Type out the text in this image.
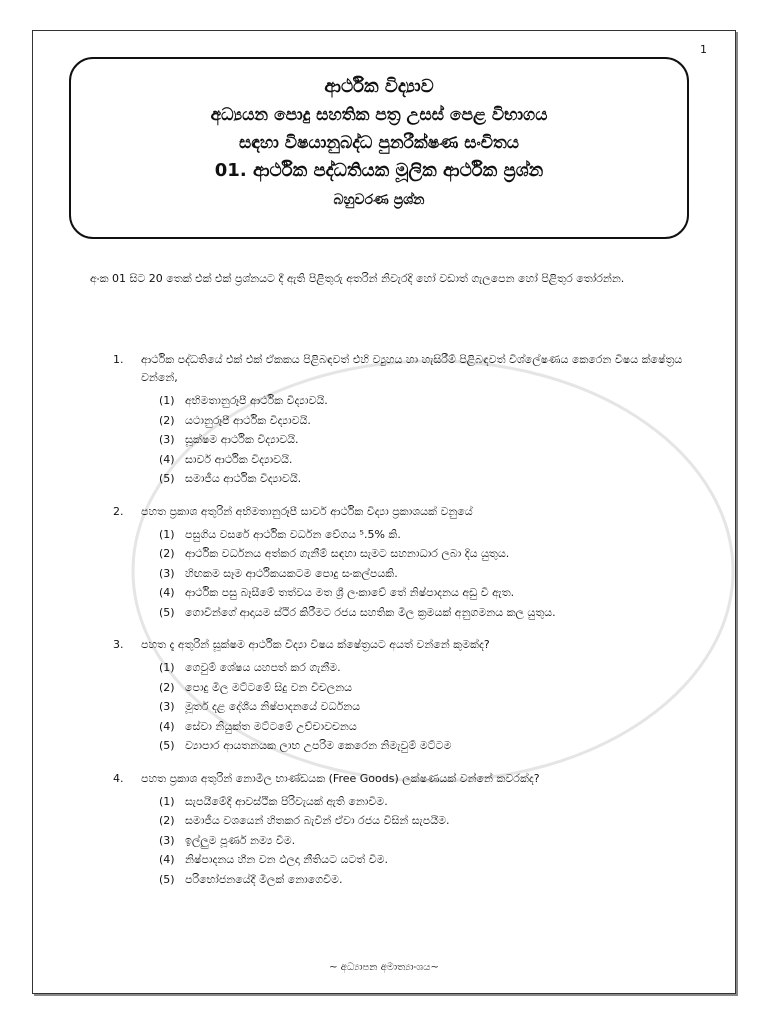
1
ආර්ථික විද්‍යාව
අධ්‍යයන පොදු සහතික පත්‍ර උසස් පෙළ විභාගය
සඳහා විෂයානුබද්ධ පුනරීක්ෂණ සංචිතය
01. ආර්ථික පද්ධතියක මූලික ආර්ථික ප්‍රශ්න
බහුවරණ ප්‍රශ්න
අංක 01 සිට 20 තෙක් එක් එක් ප්‍රශ්නයට දී ඇති පිළිතුරු අතරින් නිවැරදි හෝ වඩාත් ගැලපෙන හෝ පිළිතුර තෝරන්න.
1.	ආර්ථික පද්ධතියේ එක් එක් ඒකකය පිළිබඳවත් එහි ව්‍යුහය හා හැසිරීම් පිළිබඳවත් විශ්ලේෂණය කෙරෙන විෂය ක්ෂේත්‍රය වන්නේ,
(1) අභිමතානුරූපී ආර්ථික විද්‍යාවයි.
(2) යථානුරූපී ආර්ථික විද්‍යාවයි.
(3) සූක්ෂම ආර්ථික විද්‍යාවයි.
(4) සාර්ව ආර්ථික විද්‍යාවයි.
(5) සමාජීය ආර්ථික විද්‍යාවයි.
2.	පහත ප්‍රකාශ අතුරින් අභිමතානුරූපී සාර්ව ආර්ථික විද්‍යා ප්‍රකාශයක් වනුයේ
(1) පසුගිය වසරේ ආර්ථික වර්ධන වේගය ⁵.5% කි.
(2) ආර්ථික වර්ධනය අත්කර ගැනීම් සඳහා සැමට සහනාධාර ලබා දිය යුතුය.
(3) හිඟකම සෑම ආර්ථිකයකටම පොදු සංකල්පයකි.
(4) ආර්ථික පසු බෑසීමේ තත්වය මත ශ්‍රී ලංකාවේ තේ නිෂ්පාදනය අඩු වී ඇත.
(5) ගොවීන්ගේ ආදායම ස්ථිර කිරීමට රජය සහතික මිල ක්‍රමයක් අනුගමනය කල යුතුය.
3.	පහත දැ අතුරින් සූක්ෂම ආර්ථික විද්‍යා විෂය ක්ෂේත්‍රයට අයත් වන්නේ කුමක්ද?
(1) ගෙවුම් ශේෂය යහපත් කර ගැනීම.
(2) පොදු මිල මට්ටමේ සිදු වන විචලනය
(3) මූර්ත දළ දේශීය නිෂ්පාදනයේ වර්ධනය
(4) සේවා නියුක්ත මට්ටමේ උච්චාවචනය
(5) ව්‍යාපාර ආයතනයක ලාභ උපරිම කෙරෙන නිමැවුම් මට්ටම
4.	පහත ප්‍රකාශ අතුරින් නොමිල භාණ්ඩයක (Free Goods) ලක්ෂණයක් වන්නේ කවරක්ද?
(1) සැපයීමේදී ආවස්ථික පිරිවැයක් ඇති නොවීම.
(2) සමාජීය වශයෙන් හිතකර බැවින් ඒවා රජය විසින් සැපයීම.
(3) ඉල්ලුම පූර්ණ නම්‍ය වීම.
(4) නිෂ්පාදනය හීන වන ඵලදා නීතියට යටත් වීම.
(5) පරිභෝජනයේදී මිලක් නොගෙවීම.
~ අධ්‍යාපන අමාත්‍යාංශය~
